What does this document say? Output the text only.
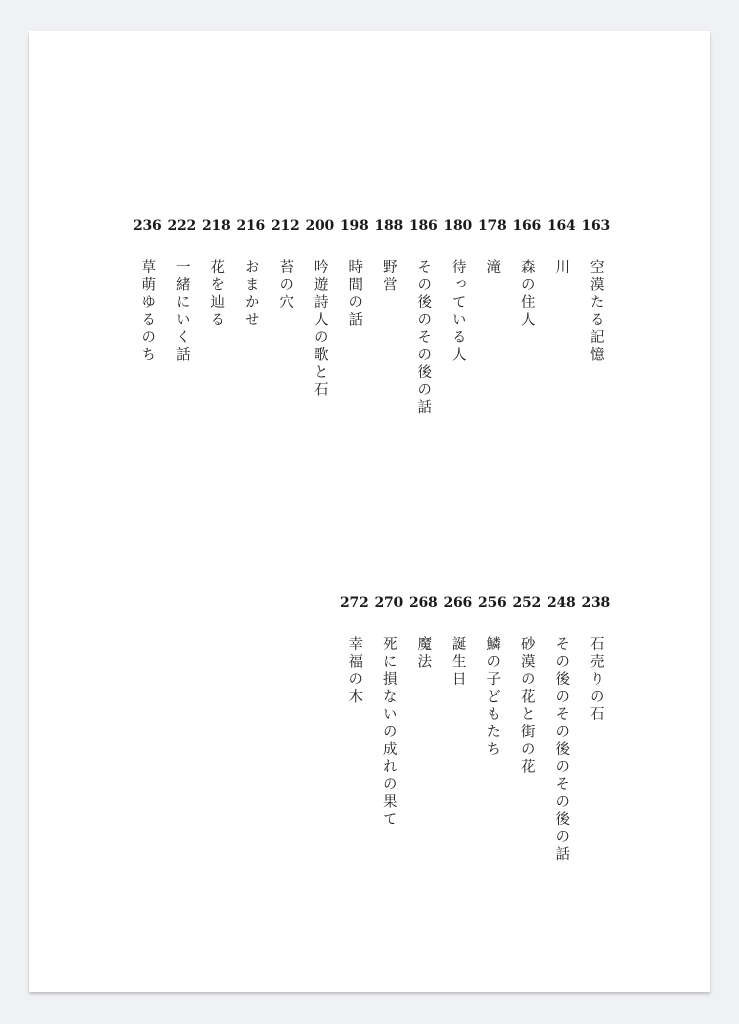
163
空漠たる記憶
164
川
166
森の住人
178
滝
180
待っている人
186
その後のその後の話
188
野営
198
時間の話
200
吟遊詩人の歌と石
212
苔の穴
216
おまかせ
218
花を辿る
222
一緒にいく話
236
草萌ゆるのち
238
石売りの石
248
その後のその後のその後の話
252
砂漠の花と街の花
256
鱗の子どもたち
266
誕生日
268
魔法
270
死に損ないの成れの果て
272
幸福の木
